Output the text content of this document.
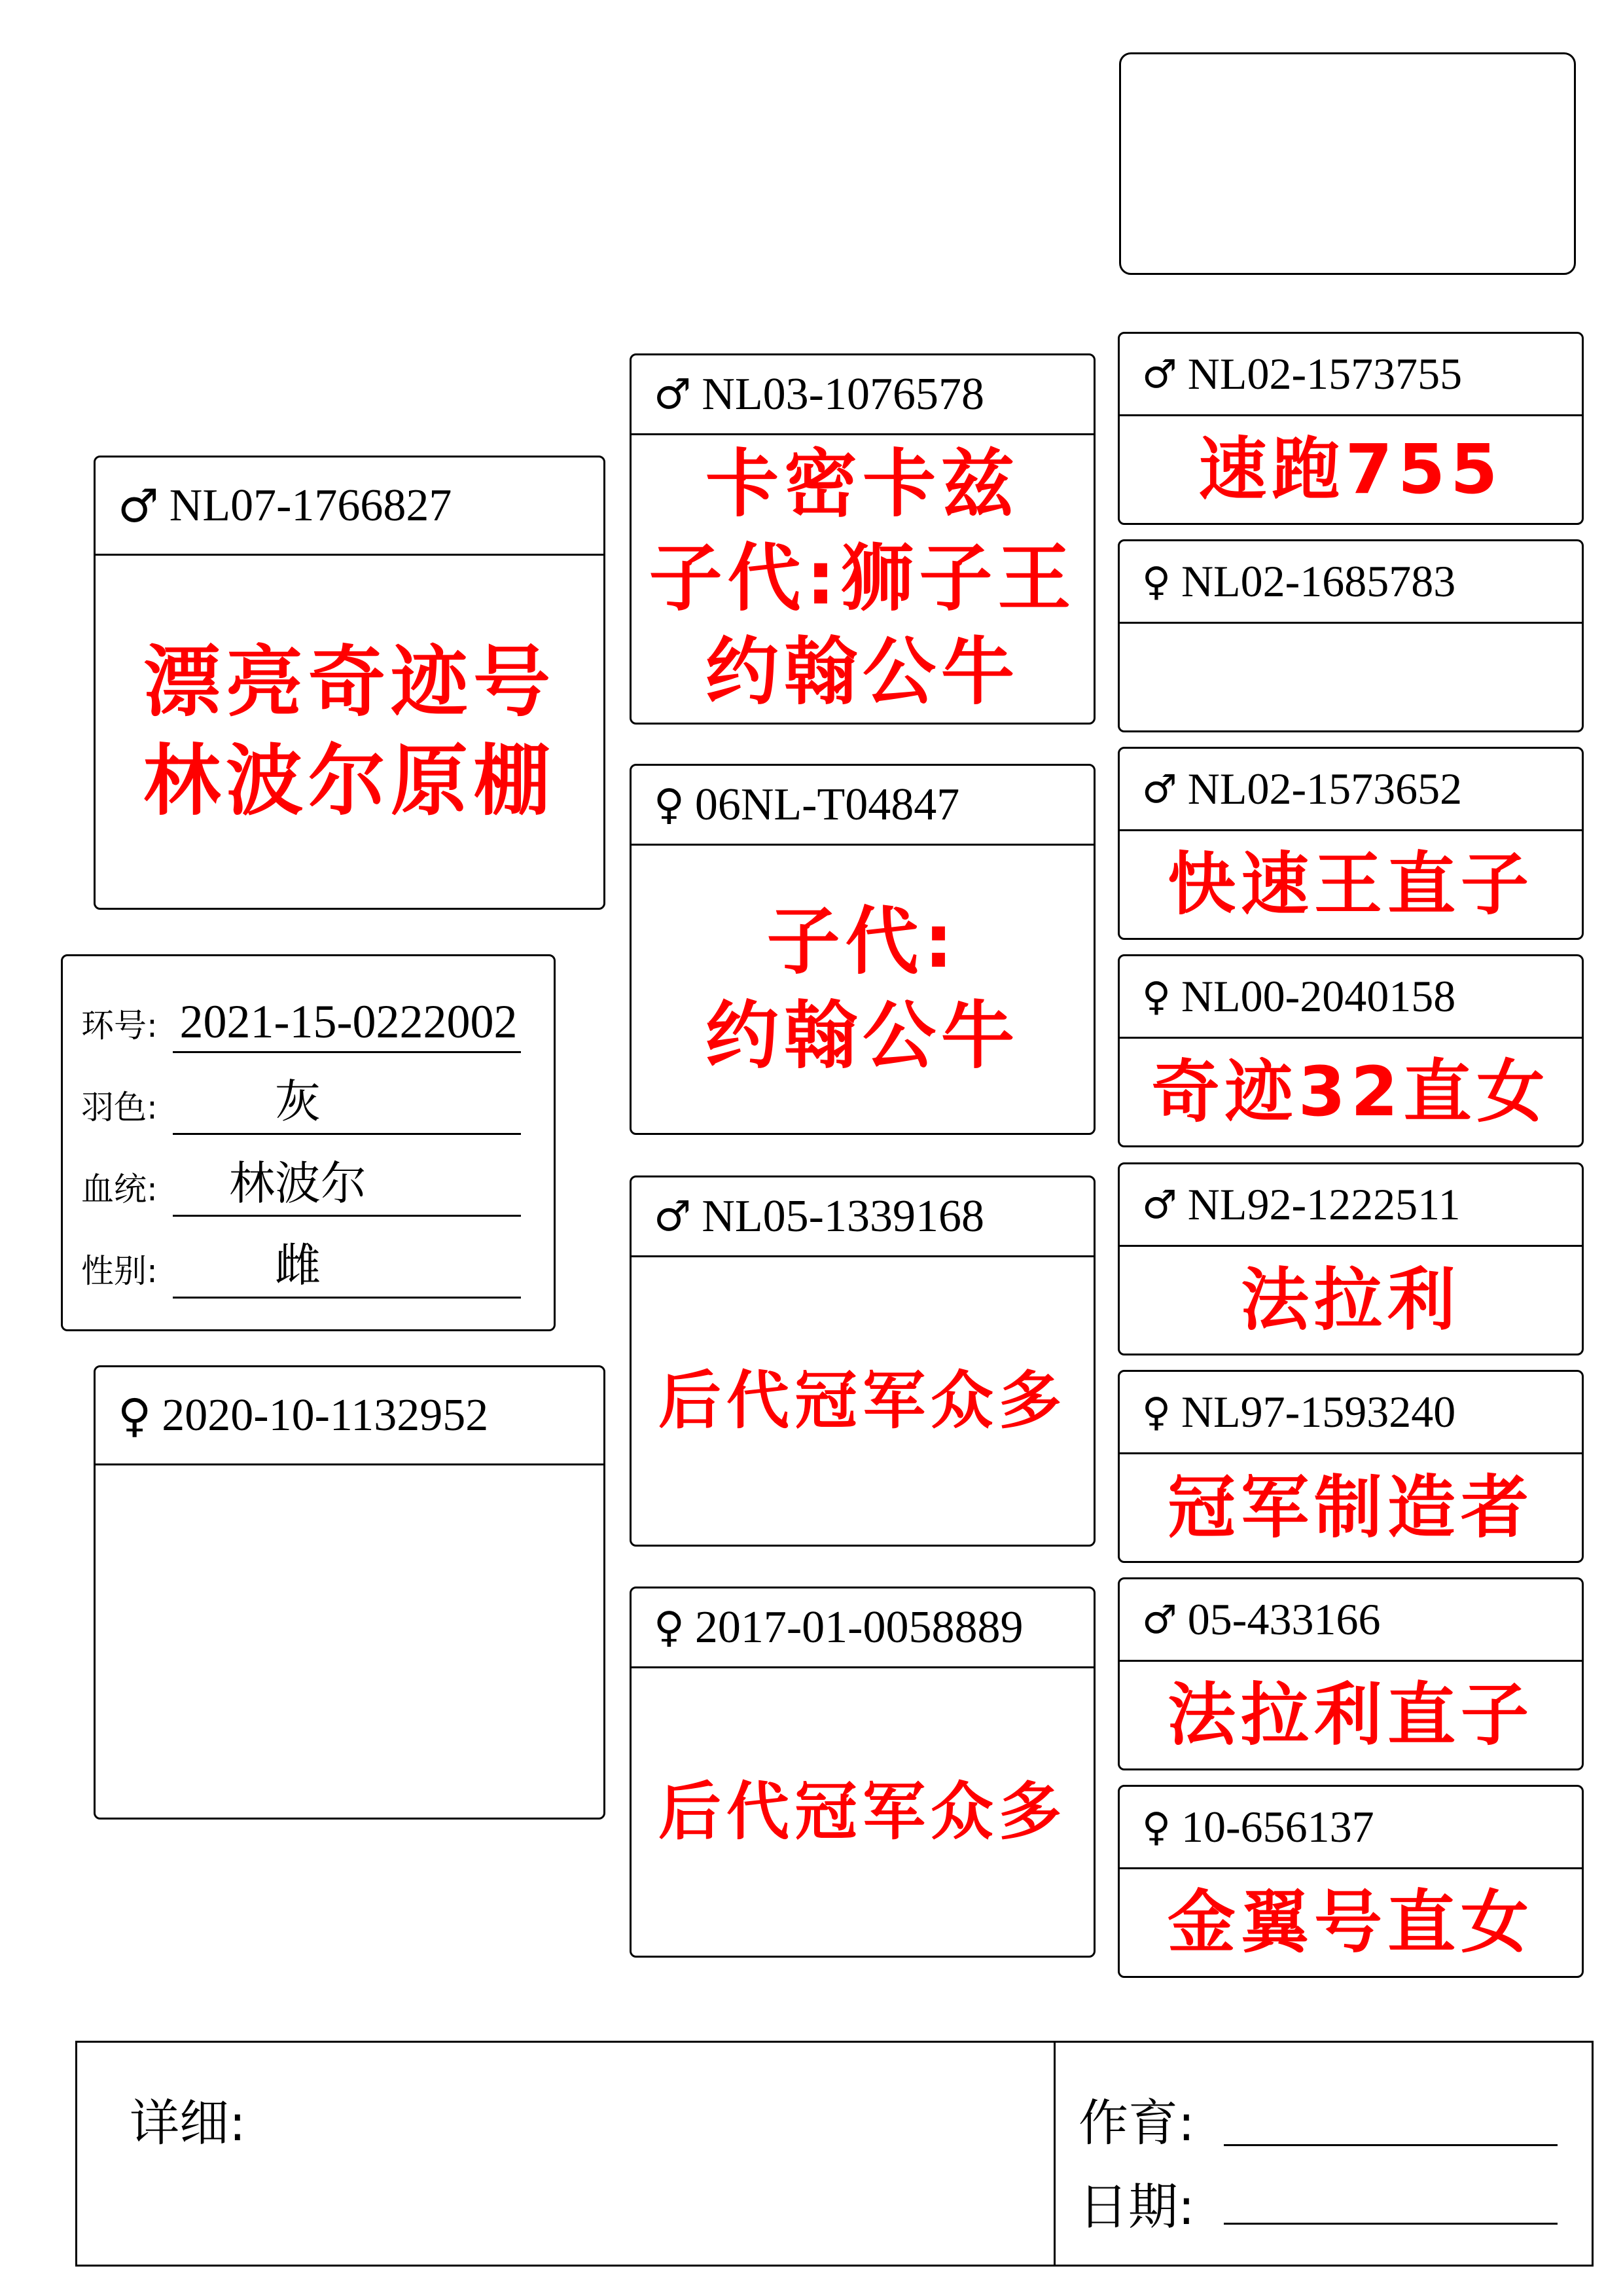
♂ NL07-1766827
漂亮奇迹号
林波尔原棚
♀ 2020-10-1132952
♂ NL03-1076578
卡密卡兹
子代:狮子王
约翰公牛
♀ 06NL-T04847
子代:
约翰公牛
♂ NL05-1339168
后代冠军众多
♀ 2017-01-0058889
后代冠军众多
♂ NL02-1573755
速跑755
♀ NL02-1685783
♂ NL02-1573652
快速王直子
♀ NL00-2040158
奇迹32直女
♂ NL92-1222511
法拉利
♀ NL97-1593240
冠军制造者
♂ 05-433166
法拉利直子
♀ 10-656137
金翼号直女
环号: 2021-15-0222002
羽色:	灰
血统:	林波尔
性别:	雌
详细:	作育:
日期:
